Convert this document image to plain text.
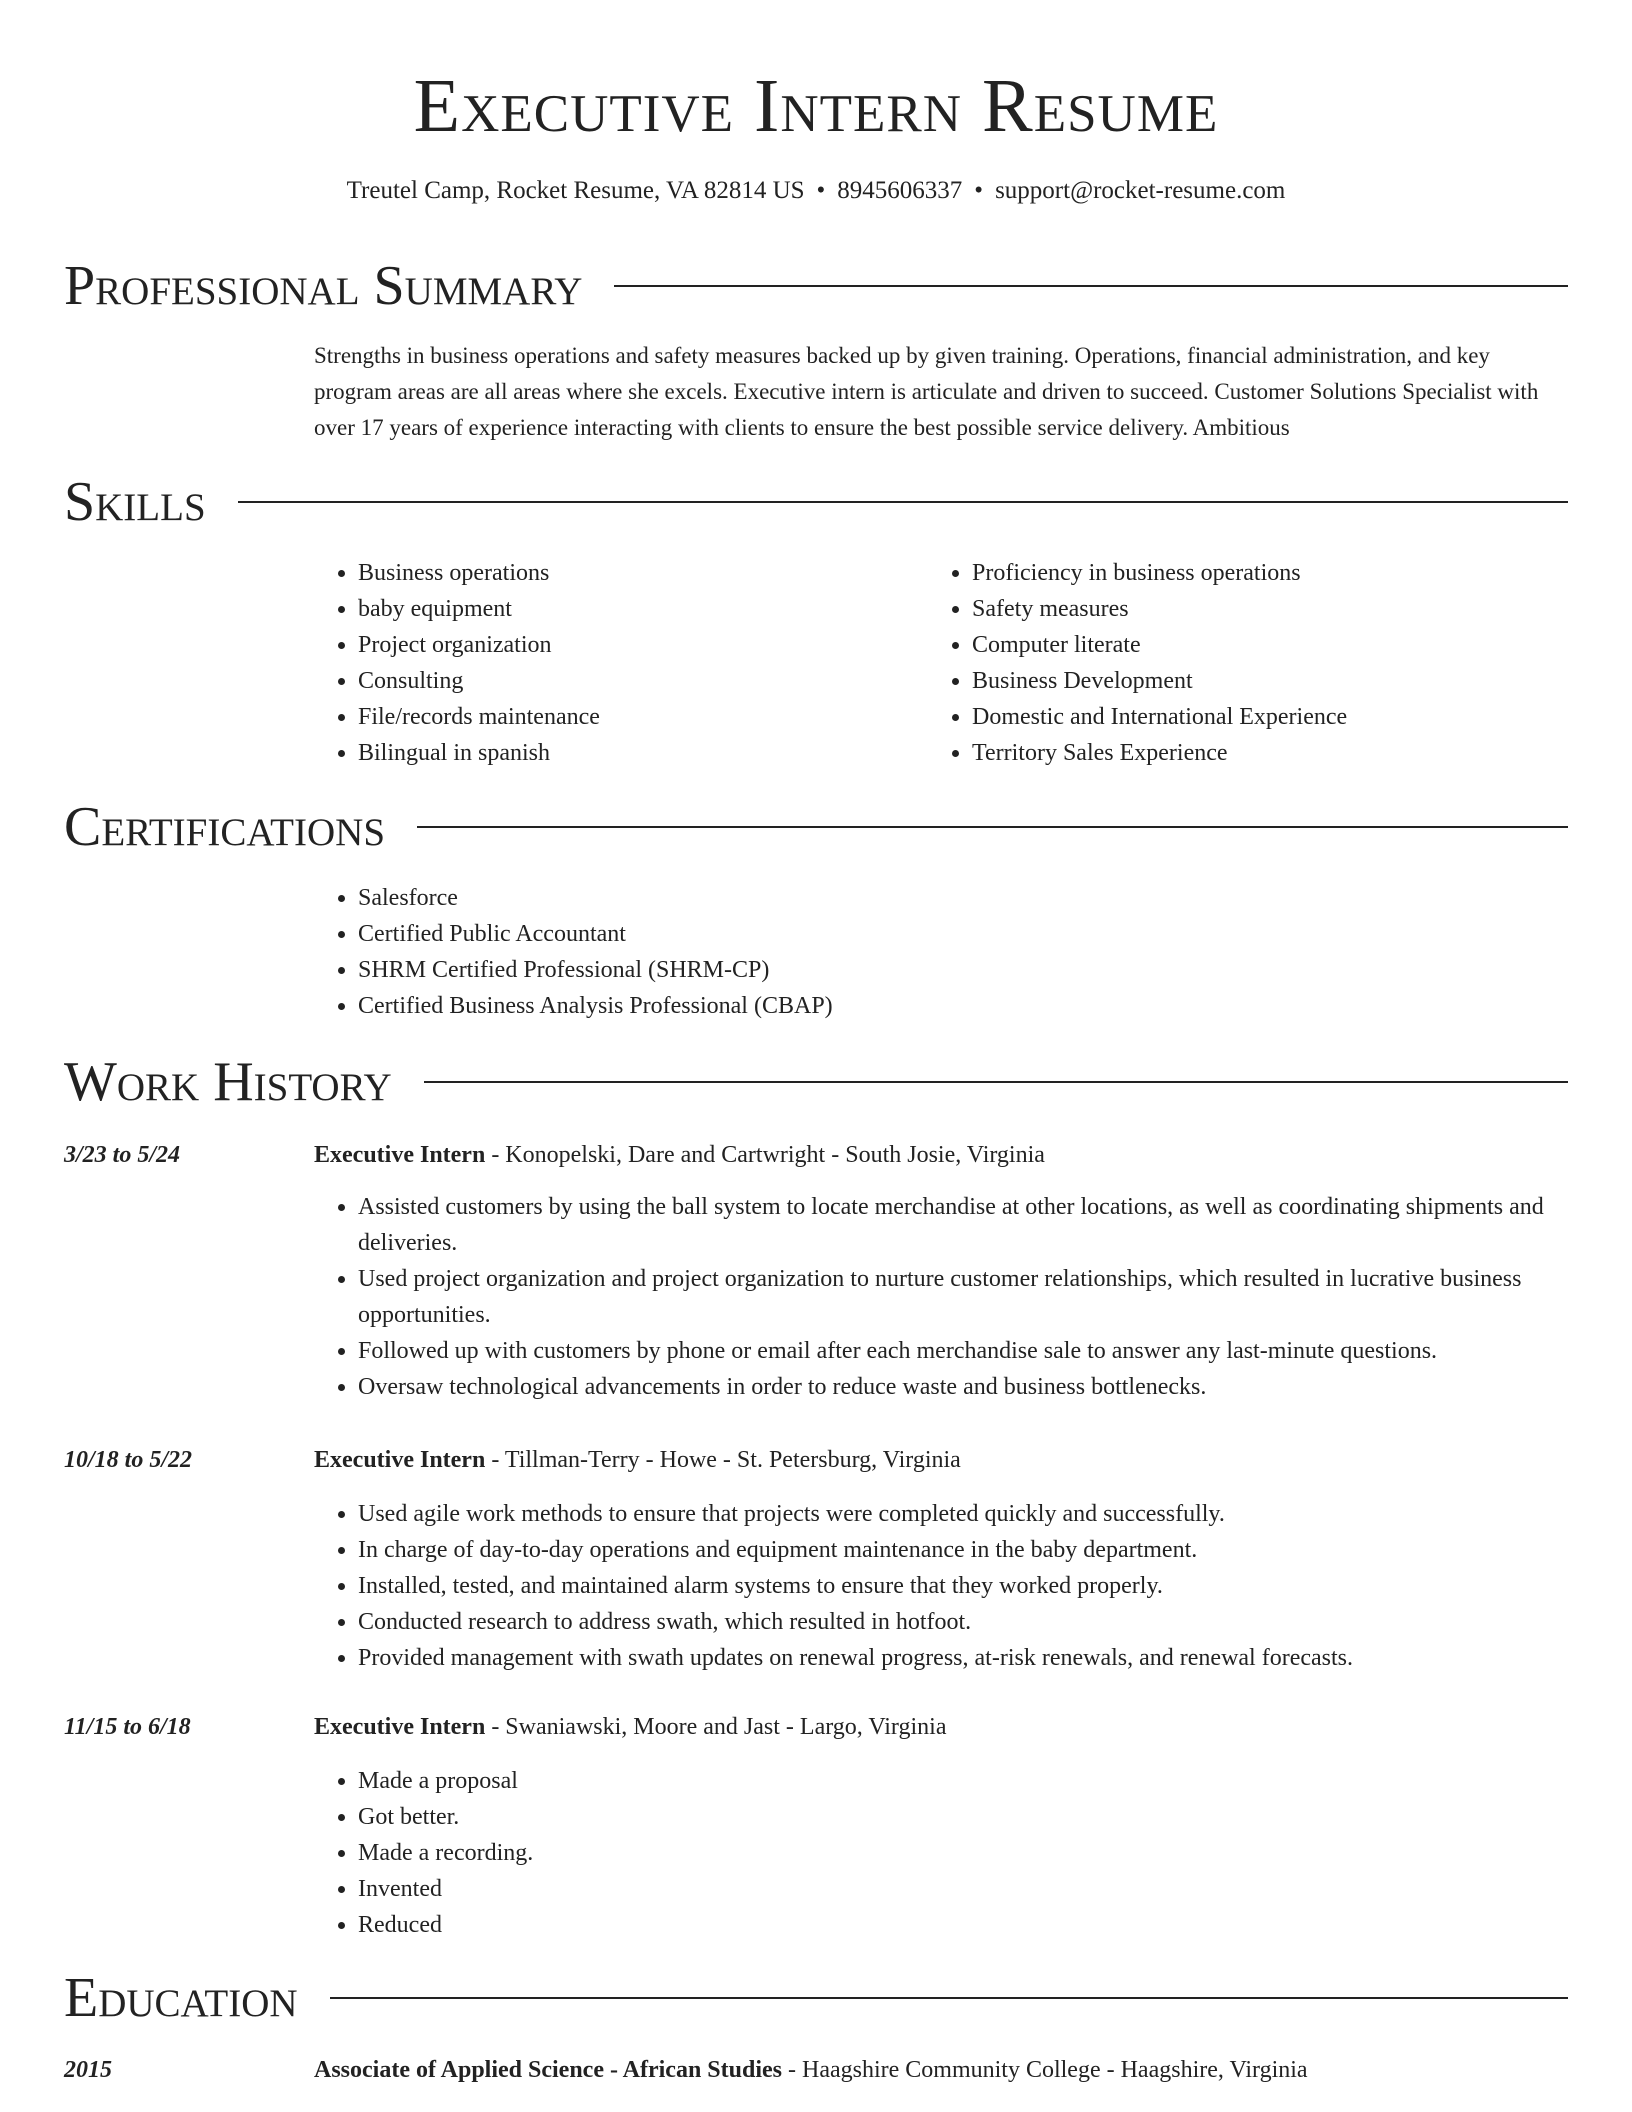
Executive Intern Resume
Treutel Camp, Rocket Resume, VA 82814 US • 8945606337 • support@rocket-resume.com
Professional Summary
Strengths in business operations and safety measures backed up by given training. Operations, financial administration, and key program areas are all areas where she excels. Executive intern is articulate and driven to succeed. Customer Solutions Specialist with over 17 years of experience interacting with clients to ensure the best possible service delivery. Ambitious
Skills
• Business operations
• baby equipment
• Project organization
• Consulting
• File/records maintenance
• Bilingual in spanish
• Proficiency in business operations
• Safety measures
• Computer literate
• Business Development
• Domestic and International Experience
• Territory Sales Experience
Certifications
• Salesforce
• Certified Public Accountant
• SHRM Certified Professional (SHRM-CP)
• Certified Business Analysis Professional (CBAP)
Work History
3/23 to 5/24	Executive Intern - Konopelski, Dare and Cartwright - South Josie, Virginia
• Assisted customers by using the ball system to locate merchandise at other locations, as well as coordinating shipments and deliveries.
• Used project organization and project organization to nurture customer relationships, which resulted in lucrative business opportunities.
• Followed up with customers by phone or email after each merchandise sale to answer any last-minute questions.
• Oversaw technological advancements in order to reduce waste and business bottlenecks.
10/18 to 5/22	Executive Intern - Tillman-Terry - Howe - St. Petersburg, Virginia
• Used agile work methods to ensure that projects were completed quickly and successfully.
• In charge of day-to-day operations and equipment maintenance in the baby department.
• Installed, tested, and maintained alarm systems to ensure that they worked properly.
• Conducted research to address swath, which resulted in hotfoot.
• Provided management with swath updates on renewal progress, at-risk renewals, and renewal forecasts.
11/15 to 6/18	Executive Intern - Swaniawski, Moore and Jast - Largo, Virginia
• Made a proposal
• Got better.
• Made a recording.
• Invented
• Reduced
Education
2015	Associate of Applied Science - African Studies - Haagshire Community College - Haagshire, Virginia
